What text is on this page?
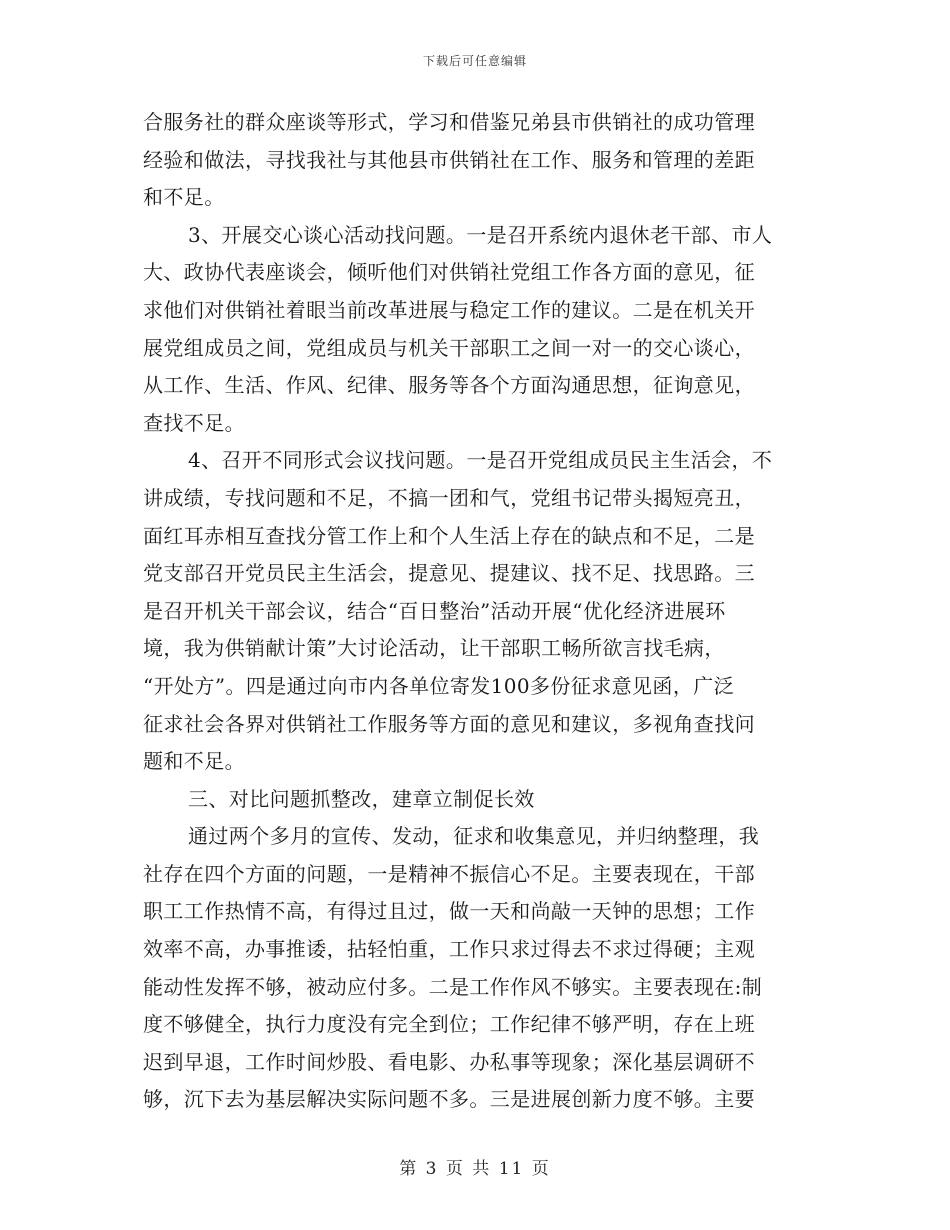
下载后可任意编辑
合服务社的群众座谈等形式，学习和借鉴兄弟县市供销社的成功管理
经验和做法，寻找我社与其他县市供销社在工作、服务和管理的差距
和不足。
3、开展交心谈心活动找问题。一是召开系统内退休老干部、市人
大、政协代表座谈会，倾听他们对供销社党组工作各方面的意见，征
求他们对供销社着眼当前改革进展与稳定工作的建议。二是在机关开
展党组成员之间，党组成员与机关干部职工之间一对一的交心谈心，
从工作、生活、作风、纪律、服务等各个方面沟通思想，征询意见，
查找不足。
4、召开不同形式会议找问题。一是召开党组成员民主生活会，不
讲成绩，专找问题和不足，不搞一团和气，党组书记带头揭短亮丑，
面红耳赤相互查找分管工作上和个人生活上存在的缺点和不足，二是
党支部召开党员民主生活会，提意见、提建议、找不足、找思路。三
是召开机关干部会议，结合“百日整治”活动开展“优化经济进展环
境，我为供销献计策”大讨论活动，让干部职工畅所欲言找毛病，
“开处方”。四是通过向市内各单位寄发100多份征求意见函，广泛
征求社会各界对供销社工作服务等方面的意见和建议，多视角查找问
题和不足。
三、对比问题抓整改，建章立制促长效
通过两个多月的宣传、发动，征求和收集意见，并归纳整理，我
社存在四个方面的问题，一是精神不振信心不足。主要表现在，干部
职工工作热情不高，有得过且过，做一天和尚敲一天钟的思想；工作
效率不高，办事推诿，拈轻怕重，工作只求过得去不求过得硬；主观
能动性发挥不够，被动应付多。二是工作作风不够实。主要表现在:制
度不够健全，执行力度没有完全到位；工作纪律不够严明，存在上班
迟到早退，工作时间炒股、看电影、办私事等现象；深化基层调研不
够，沉下去为基层解决实际问题不多。三是进展创新力度不够。主要
第 3 页 共 11 页
